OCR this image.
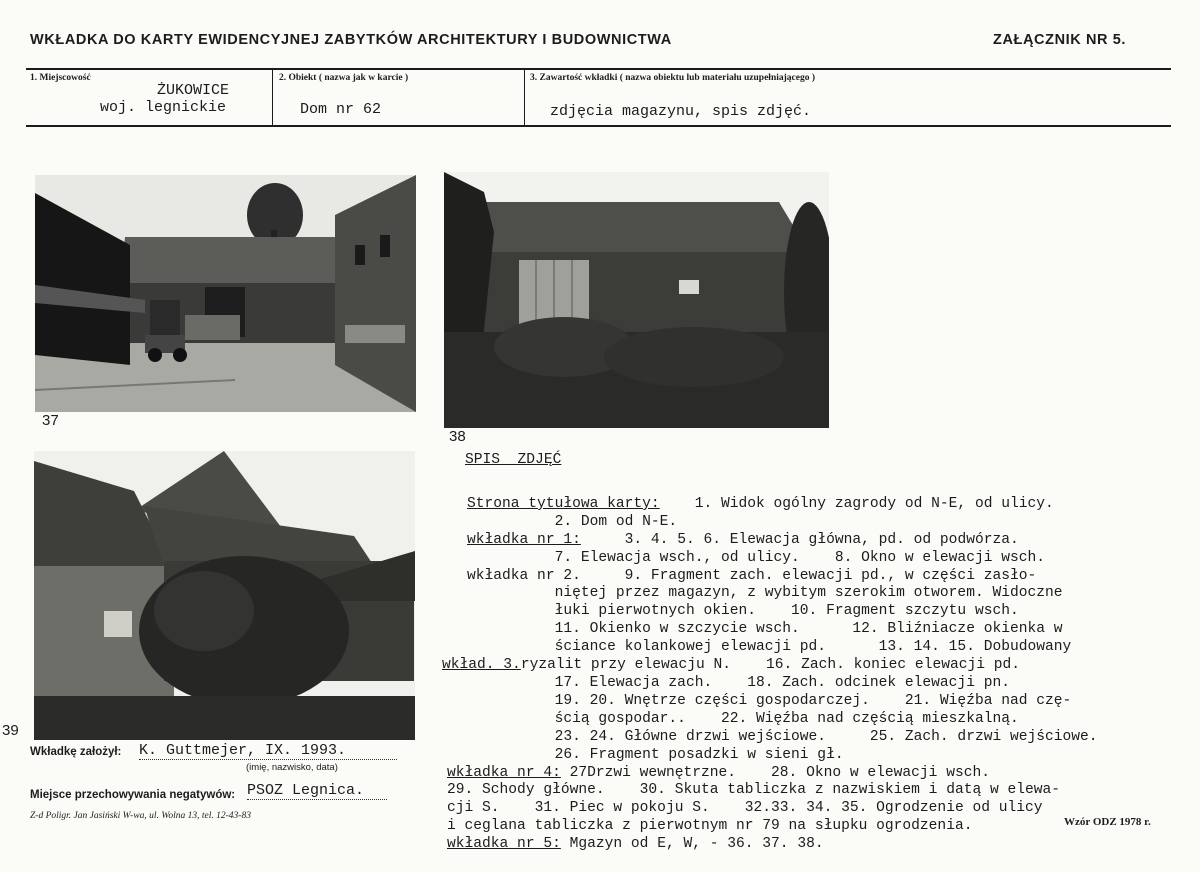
WKŁADKA DO KARTY EWIDENCYJNEJ ZABYTKÓW ARCHITEKTURY I BUDOWNICTWA	ZAŁĄCZNIK NR 5.
1. Miejscowość
ŻUKOWICE
woj. legnickie
2. Obiekt ( nazwa jak w karcie )
Dom nr 62
3. Zawartość wkładki ( nazwa obiektu lub materiału uzupełniającego )
zdjęcia magazynu, spis zdjęć.
37
38
39
SPIS  ZDJĘĆ

Strona tytułowa karty:    1. Widok ogólny zagrody od N-E, od ulicy.
2. Dom od N-E.
wkładka nr 1:     3. 4. 5. 6. Elewacja główna, pd. od podwórza.
7. Elewacja wsch., od ulicy.    8. Okno w elewacji wsch.
wkładka nr 2.     9. Fragment zach. elewacji pd., w części zasło-
niętej przez magazyn, z wybitym szerokim otworem. Widoczne
łuki pierwotnych okien.    10. Fragment szczytu wsch.
11. Okienko w szczycie wsch.      12. Bliźniacze okienka w
ściance kolankowej elewacji pd.      13. 14. 15. Dobudowany
wkład. 3.ryzalit przy elewacju N.    16. Zach. koniec elewacji pd.
17. Elewacja zach.    18. Zach. odcinek elewacji pn.
19. 20. Wnętrze części gospodarczej.    21. Więźba nad czę-
ścią gospodar..    22. Więźba nad częścią mieszkalną.
23. 24. Główne drzwi wejściowe.     25. Zach. drzwi wejściowe.
26. Fragment posadzki w sieni gł.
wkładka nr 4: 27Drzwi wewnętrzne.    28. Okno w elewacji wsch.
29. Schody główne.    30. Skuta tabliczka z nazwiskiem i datą w elewa-
cji S.    31. Piec w pokoju S.    32.33. 34. 35. Ogrodzenie od ulicy
i ceglana tabliczka z pierwotnym nr 79 na słupku ogrodzenia.
wkładka nr 5: Mgazyn od E, W, - 36. 37. 38.

Wkładkę założył: K. Guttmejer, IX. 1993.
(imię, nazwisko, data)
Miejsce przechowywania negatywów: PSOZ Legnica.
Z-d Poligr. Jan Jasiński W-wa, ul. Wolna 13, tel. 12-43-83	Wzór ODZ 1978 r.
